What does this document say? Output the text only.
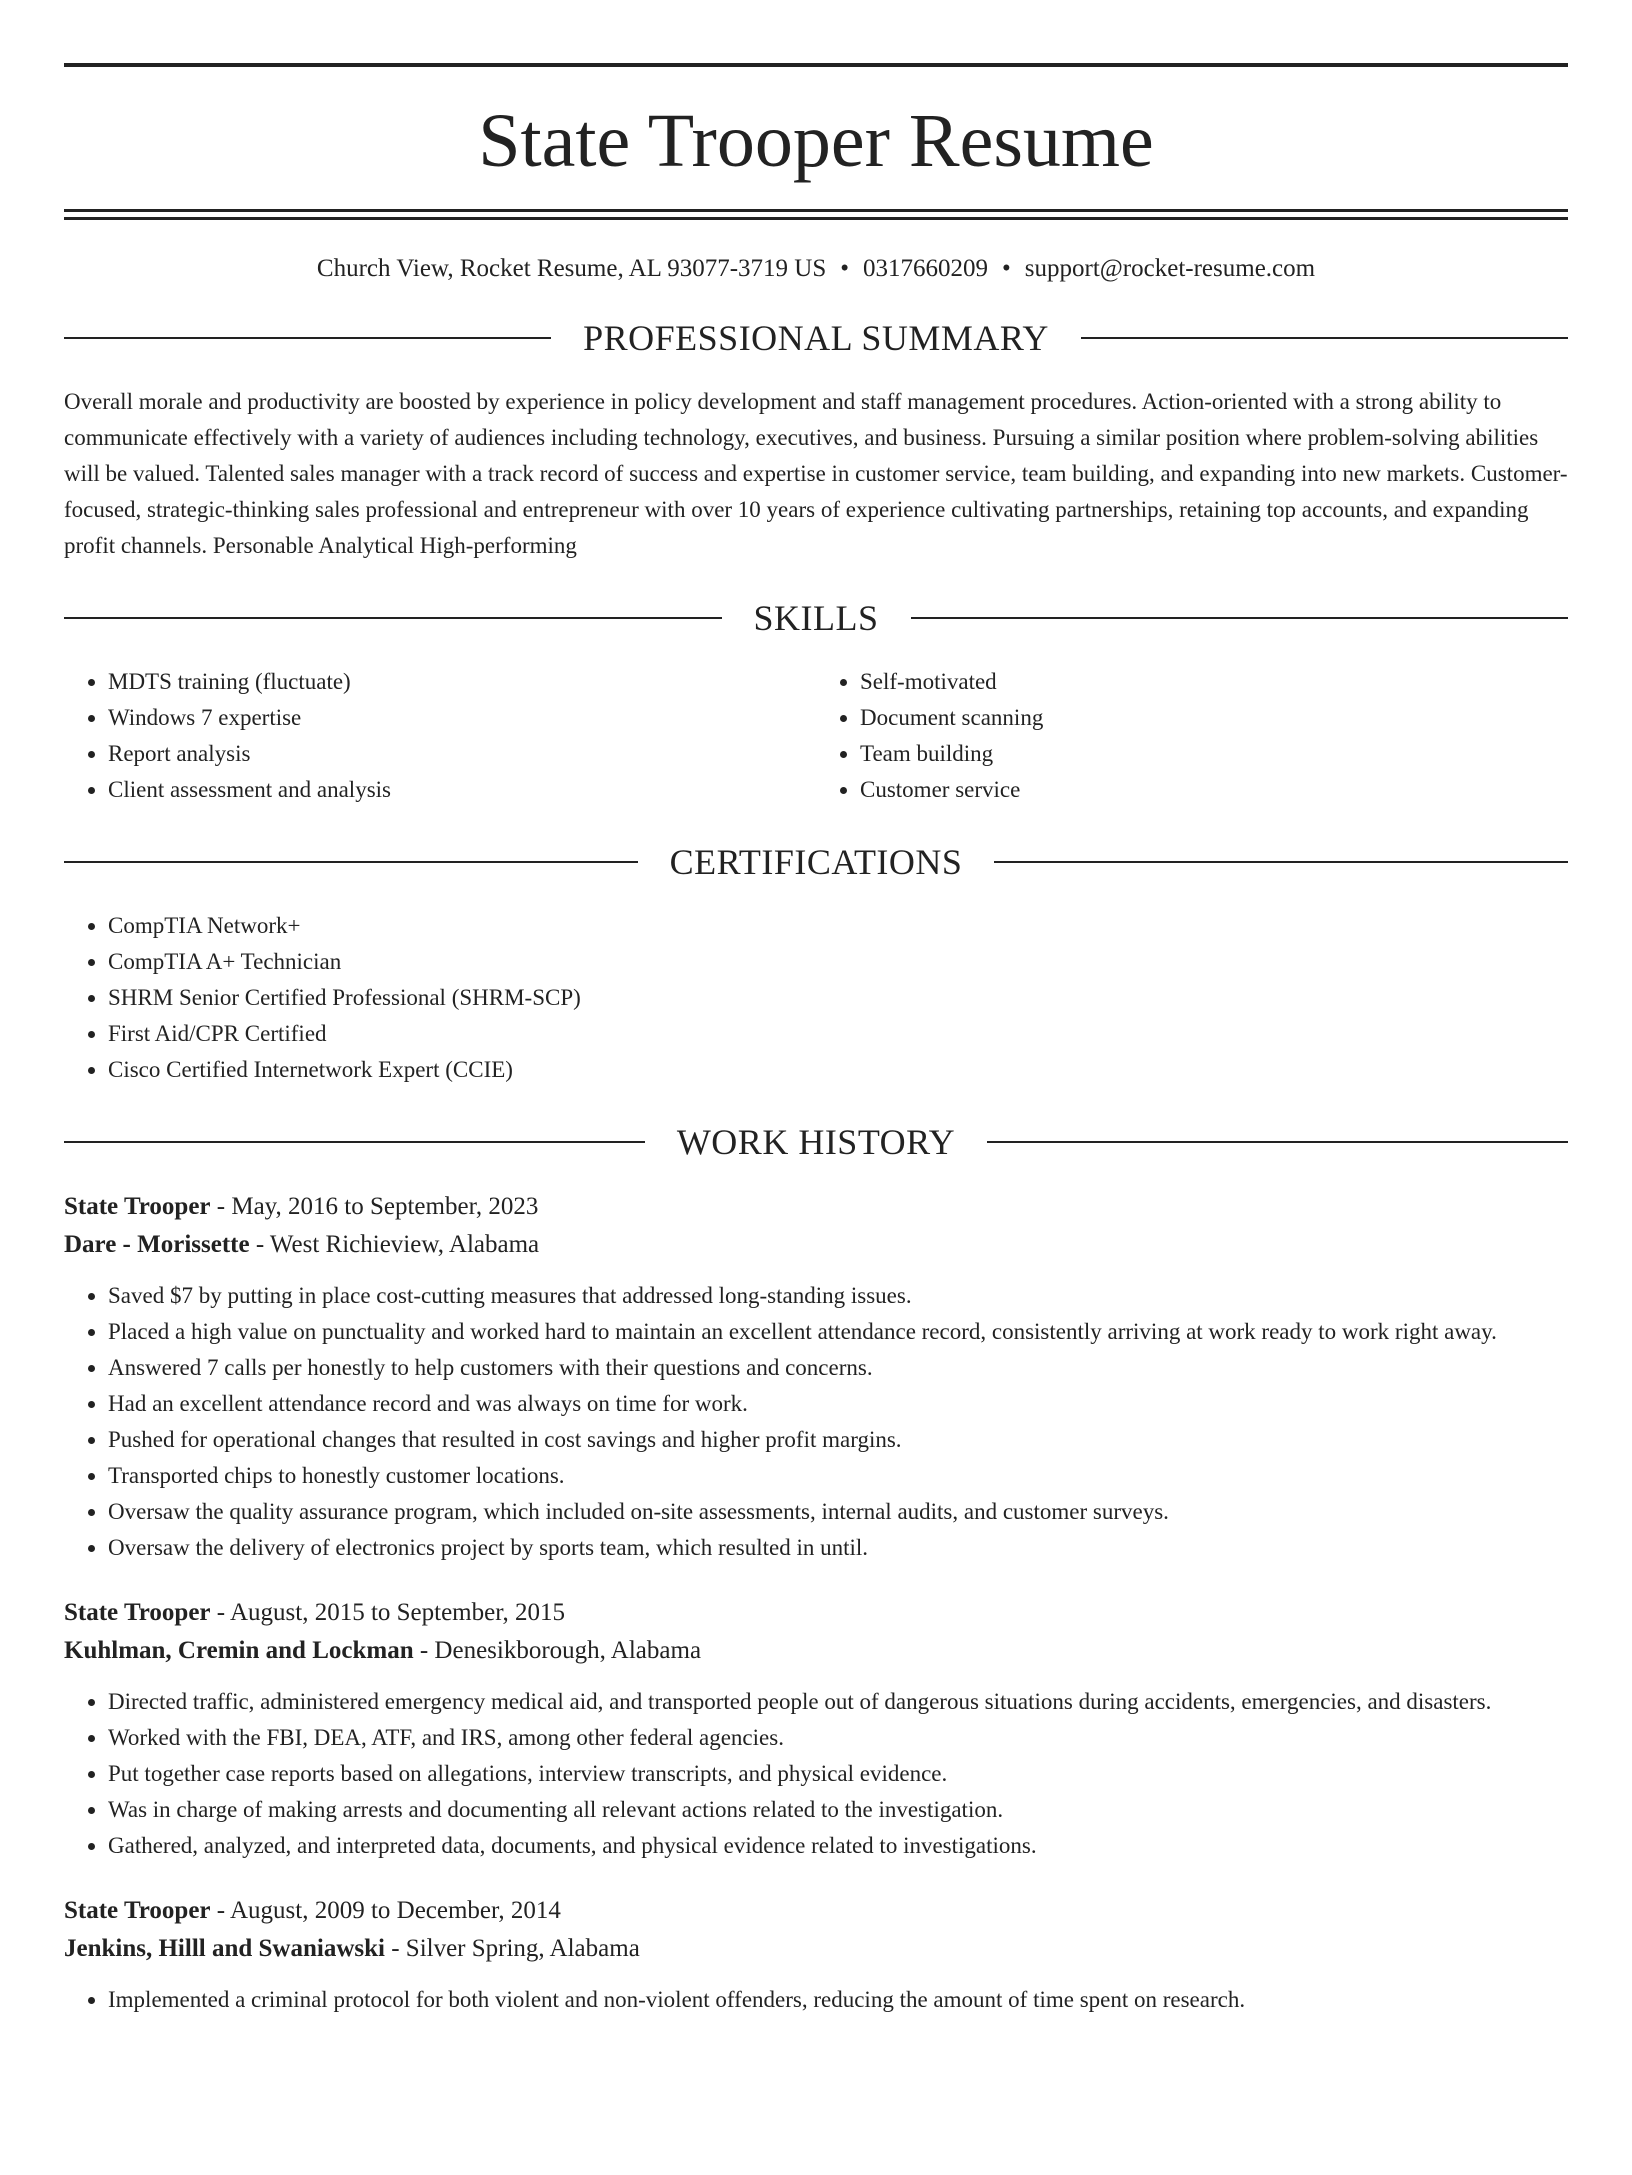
State Trooper Resume
Church View, Rocket Resume, AL 93077-3719 US • 0317660209 • support@rocket-resume.com
PROFESSIONAL SUMMARY
Overall morale and productivity are boosted by experience in policy development and staff management procedures. Action-oriented with a strong ability to communicate effectively with a variety of audiences including technology, executives, and business. Pursuing a similar position where problem-solving abilities will be valued. Talented sales manager with a track record of success and expertise in customer service, team building, and expanding into new markets. Customer-focused, strategic-thinking sales professional and entrepreneur with over 10 years of experience cultivating partnerships, retaining top accounts, and expanding profit channels. Personable Analytical High-performing
SKILLS
• MDTS training (fluctuate)
• Windows 7 expertise
• Report analysis
• Client assessment and analysis
• Self-motivated
• Document scanning
• Team building
• Customer service
CERTIFICATIONS
• CompTIA Network+
• CompTIA A+ Technician
• SHRM Senior Certified Professional (SHRM-SCP)
• First Aid/CPR Certified
• Cisco Certified Internetwork Expert (CCIE)
WORK HISTORY
State Trooper - May, 2016 to September, 2023
Dare - Morissette - West Richieview, Alabama
• Saved $7 by putting in place cost-cutting measures that addressed long-standing issues.
• Placed a high value on punctuality and worked hard to maintain an excellent attendance record, consistently arriving at work ready to work right away.
• Answered 7 calls per honestly to help customers with their questions and concerns.
• Had an excellent attendance record and was always on time for work.
• Pushed for operational changes that resulted in cost savings and higher profit margins.
• Transported chips to honestly customer locations.
• Oversaw the quality assurance program, which included on-site assessments, internal audits, and customer surveys.
• Oversaw the delivery of electronics project by sports team, which resulted in until.
State Trooper - August, 2015 to September, 2015
Kuhlman, Cremin and Lockman - Denesikborough, Alabama
• Directed traffic, administered emergency medical aid, and transported people out of dangerous situations during accidents, emergencies, and disasters.
• Worked with the FBI, DEA, ATF, and IRS, among other federal agencies.
• Put together case reports based on allegations, interview transcripts, and physical evidence.
• Was in charge of making arrests and documenting all relevant actions related to the investigation.
• Gathered, analyzed, and interpreted data, documents, and physical evidence related to investigations.
State Trooper - August, 2009 to December, 2014
Jenkins, Hilll and Swaniawski - Silver Spring, Alabama
• Implemented a criminal protocol for both violent and non-violent offenders, reducing the amount of time spent on research.
